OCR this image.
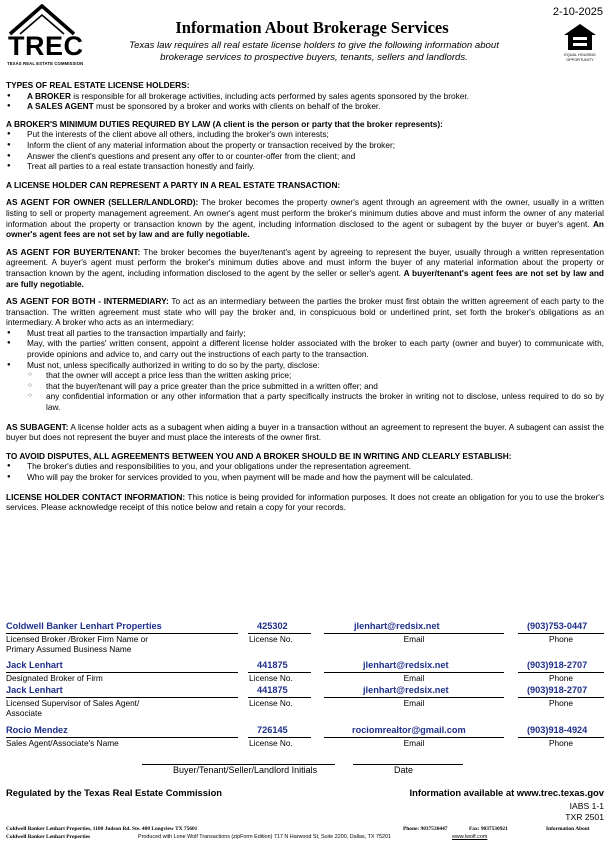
TREC
TEXAS REAL ESTATE COMMISSION
2-10-2025
Information About Brokerage Services
Texas law requires all real estate license holders to give the following information about
brokerage services to prospective buyers, tenants, sellers and landlords.	EQUAL HOUSING
OPPORTUNITY
TYPES OF REAL ESTATE LICENSE HOLDERS:
● A BROKER is responsible for all brokerage activities, including acts performed by sales agents sponsored by the broker.
● A SALES AGENT must be sponsored by a broker and works with clients on behalf of the broker.
A BROKER'S MINIMUM DUTIES REQUIRED BY LAW (A client is the person or party that the broker represents):
● Put the interests of the client above all others, including the broker's own interests;
● Inform the client of any material information about the property or transaction received by the broker;
● Answer the client's questions and present any offer to or counter-offer from the client; and
● Treat all parties to a real estate transaction honestly and fairly.
A LICENSE HOLDER CAN REPRESENT A PARTY IN A REAL ESTATE TRANSACTION:

AS AGENT FOR OWNER (SELLER/LANDLORD): The broker becomes the property owner's agent through an agreement with the owner, usually in a written listing to sell or property management agreement. An owner's agent must perform the broker's minimum duties above and must inform the owner of any material information about the property or transaction known by the agent, including information disclosed to the agent or subagent by the buyer or buyer's agent. An owner's agent fees are not set by law and are fully negotiable.

AS AGENT FOR BUYER/TENANT: The broker becomes the buyer/tenant's agent by agreeing to represent the buyer, usually through a written representation agreement. A buyer's agent must perform the broker's minimum duties above and must inform the buyer of any material information about the property or transaction known by the agent, including information disclosed to the agent by the seller or seller's agent. A buyer/tenant's agent fees are not set by law and are fully negotiable.

AS AGENT FOR BOTH - INTERMEDIARY: To act as an intermediary between the parties the broker must first obtain the written agreement of each party to the transaction. The written agreement must state who will pay the broker and, in conspicuous bold or underlined print, set forth the broker's obligations as an intermediary. A broker who acts as an intermediary:

● Must treat all parties to the transaction impartially and fairly;
● May, with the parties' written consent, appoint a different license holder associated with the broker to each party (owner and buyer) to communicate with, provide opinions and advice to, and carry out the instructions of each party to the transaction.
● Must not, unless specifically authorized in writing to do so by the party, disclose:
○ that the owner will accept a price less than the written asking price;
○ that the buyer/tenant will pay a price greater than the price submitted in a written offer; and
○ any confidential information or any other information that a party specifically instructs the broker in writing not to disclose, unless required to do so by law.

AS SUBAGENT: A license holder acts as a subagent when aiding a buyer in a transaction without an agreement to represent the buyer. A subagent can assist the buyer but does not represent the buyer and must place the interests of the owner first.

TO AVOID DISPUTES, ALL AGREEMENTS BETWEEN YOU AND A BROKER SHOULD BE IN WRITING AND CLEARLY ESTABLISH:
● The broker's duties and responsibilities to you, and your obligations under the representation agreement.
● Who will pay the broker for services provided to you, when payment will be made and how the payment will be calculated.

LICENSE HOLDER CONTACT INFORMATION: This notice is being provided for information purposes. It does not create an obligation for you to use the broker's services. Please acknowledge receipt of this notice below and retain a copy for your records.

Coldwell Banker Lenhart Properties	425302	jlenhart@redsix.net	(903)753-0447
Licensed Broker /Broker Firm Name or
Primary Assumed Business Name
License No.	Email	Phone
Jack Lenhart	441875	jlenhart@redsix.net	(903)918-2707
Designated Broker of Firm	License No.	Email	Phone
Jack Lenhart	441875	jlenhart@redsix.net	(903)918-2707
Licensed Supervisor of Sales Agent/
Associate
License No.	Email	Phone
Rocio Mendez	726145	rociomrealtor@gmail.com	(903)918-4924
Sales Agent/Associate's Name	License No.	Email	Phone
Buyer/Tenant/Seller/Landlord Initials	Date
Regulated by the Texas Real Estate Commission	Information available at www.trec.texas.gov
IABS 1-1
TXR 2501
Coldwell Banker Lenhart Properties, 1100 Judson Rd. Ste. 400 Longview TX 75601	Phone: 9037530447	Fax: 9037530921	Information About
Coldwell Banker Lenhart Properties	Produced with Lone Wolf Transactions (zipForm Edition) 717 N Harwood St, Suite 2200, Dallas, TX 75201	www.lwolf.com
